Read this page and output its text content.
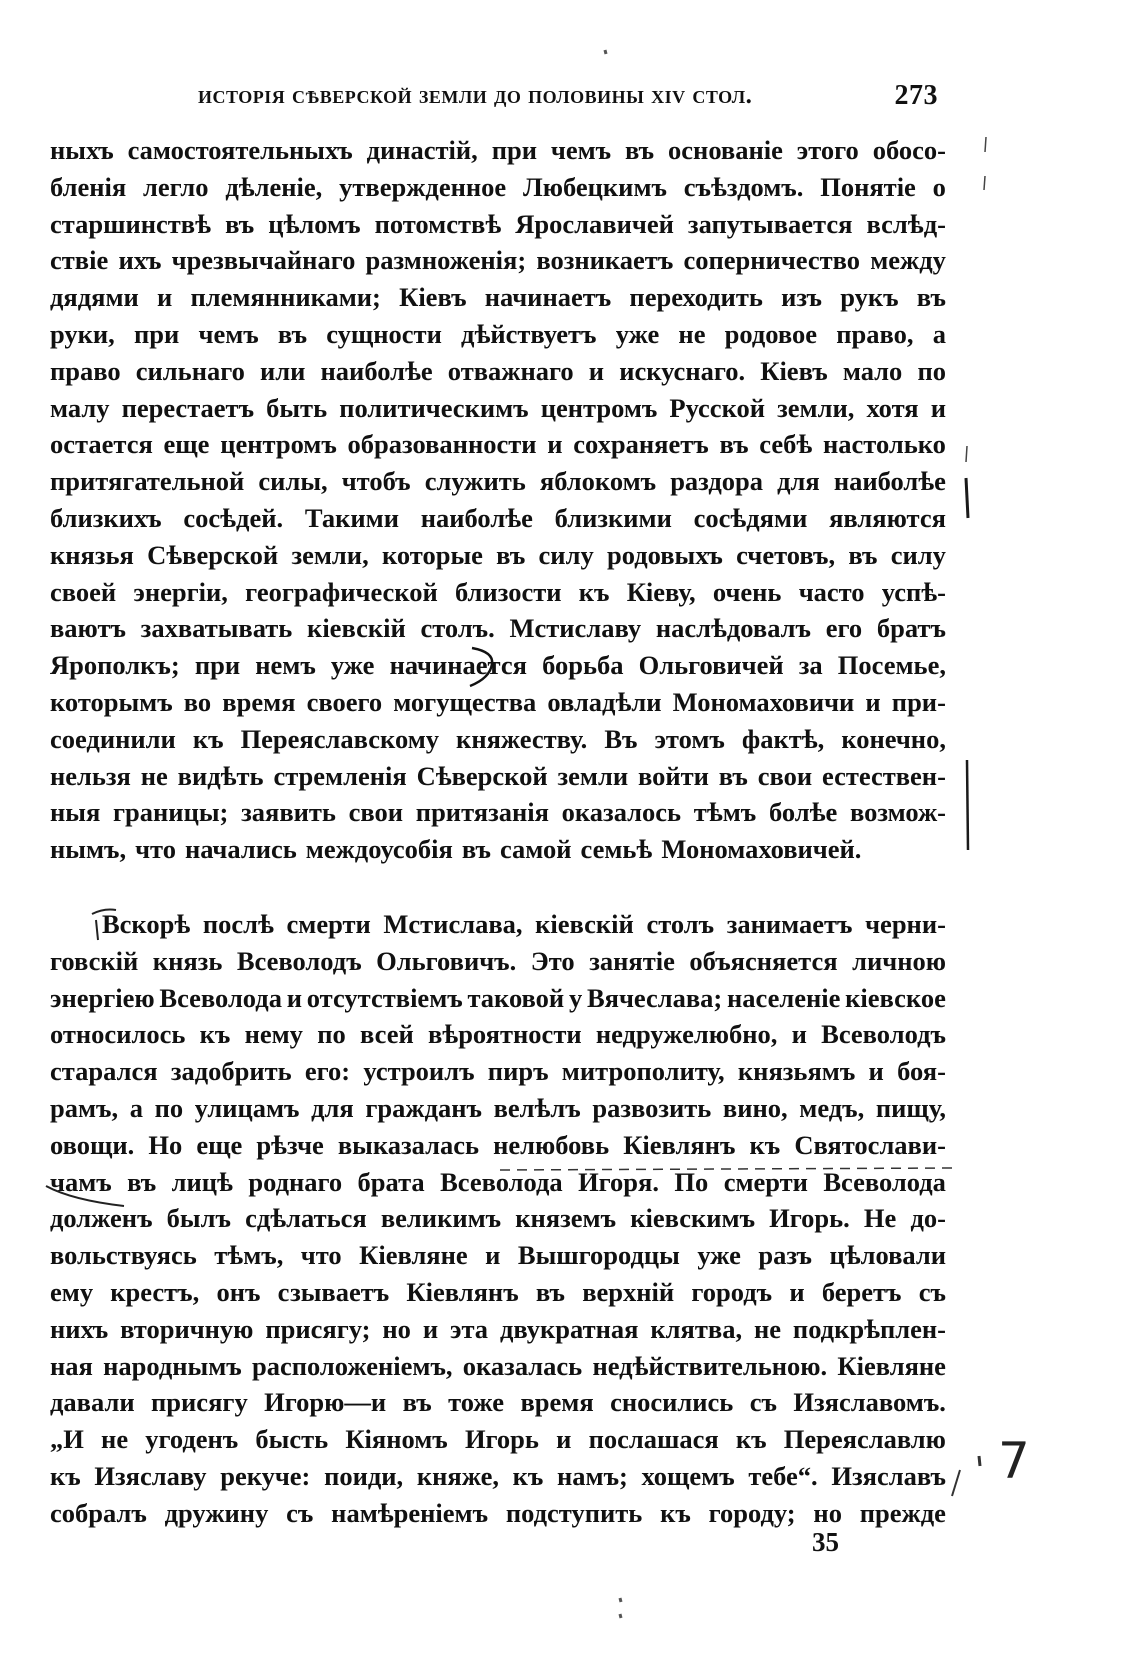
исторія сѣверской земли до половины xiv стол.	273
ныхъ самостоятельныхъ династій, при чемъ въ основаніе этого обосо-
бленія легло дѣленіе, утвержденное Любецкимъ съѣздомъ. Понятіе о
старшинствѣ въ цѣломъ потомствѣ Ярославичей запутывается вслѣд-
ствіе ихъ чрезвычайнаго размноженія; возникаетъ соперничество между
дядями и племянниками; Кіевъ начинаетъ переходить изъ рукъ въ
руки, при чемъ въ сущности дѣйствуетъ уже не родовое право, а
право сильнаго или наиболѣе отважнаго и искуснаго. Кіевъ мало по
малу перестаетъ быть политическимъ центромъ Русской земли, хотя и
остается еще центромъ образованности и сохраняетъ въ себѣ настолько
притягательной силы, чтобъ служить яблокомъ раздора для наиболѣе
близкихъ сосѣдей. Такими наиболѣе близкими сосѣдями являются
князья Сѣверской земли, которые въ силу родовыхъ счетовъ, въ силу
своей энергіи, географической близости къ Кіеву, очень часто успѣ-
ваютъ захватывать кіевскій столъ. Мстиславу наслѣдовалъ его братъ
Ярополкъ; при немъ уже начинается борьба Ольговичей за Посемье,
которымъ во время своего могущества овладѣли Мономаховичи и при-
соединили къ Переяславскому княжеству. Въ этомъ фактѣ, конечно,
нельзя не видѣть стремленія Сѣверской земли войти въ свои естествен-
ныя границы; заявить свои притязанія оказалось тѣмъ болѣе возмож-
нымъ, что начались междоусобія въ самой семьѣ Мономаховичей.
Вскорѣ послѣ смерти Мстислава, кіевскій столъ занимаетъ черни-
говскій князь Всеволодъ Ольговичъ. Это занятіе объясняется личною
энергіею Всеволода и отсутствіемъ таковой у Вячеслава; населеніе кіевское
относилось къ нему по всей вѣроятности недружелюбно, и Всеволодъ
старался задобрить его: устроилъ пиръ митрополиту, князьямъ и боя-
рамъ, а по улицамъ для гражданъ велѣлъ развозить вино, медъ, пищу,
овощи. Но еще рѣзче выказалась нелюбовь Кіевлянъ къ Святослави-
чамъ въ лицѣ роднаго брата Всеволода Игоря. По смерти Всеволода
долженъ былъ сдѣлаться великимъ княземъ кіевскимъ Игорь. Не до-
вольствуясь тѣмъ, что Кіевляне и Вышгородцы уже разъ цѣловали
ему крестъ, онъ сзываетъ Кіевлянъ въ верхній городъ и беретъ съ
нихъ вторичную присягу; но и эта двукратная клятва, не подкрѣплен-
ная народнымъ расположеніемъ, оказалась недѣйствительною. Кіевляне
давали присягу Игорю—и въ тоже время сносились съ Изяславомъ.
„И не угоденъ бысть Кіяномъ Игорь и послашася къ Переяславлю
къ Изяславу рекуче: поиди, княже, къ намъ; хощемъ тебе“. Изяславъ
собралъ дружину съ намѣреніемъ подступить къ городу; но прежде
35
7
